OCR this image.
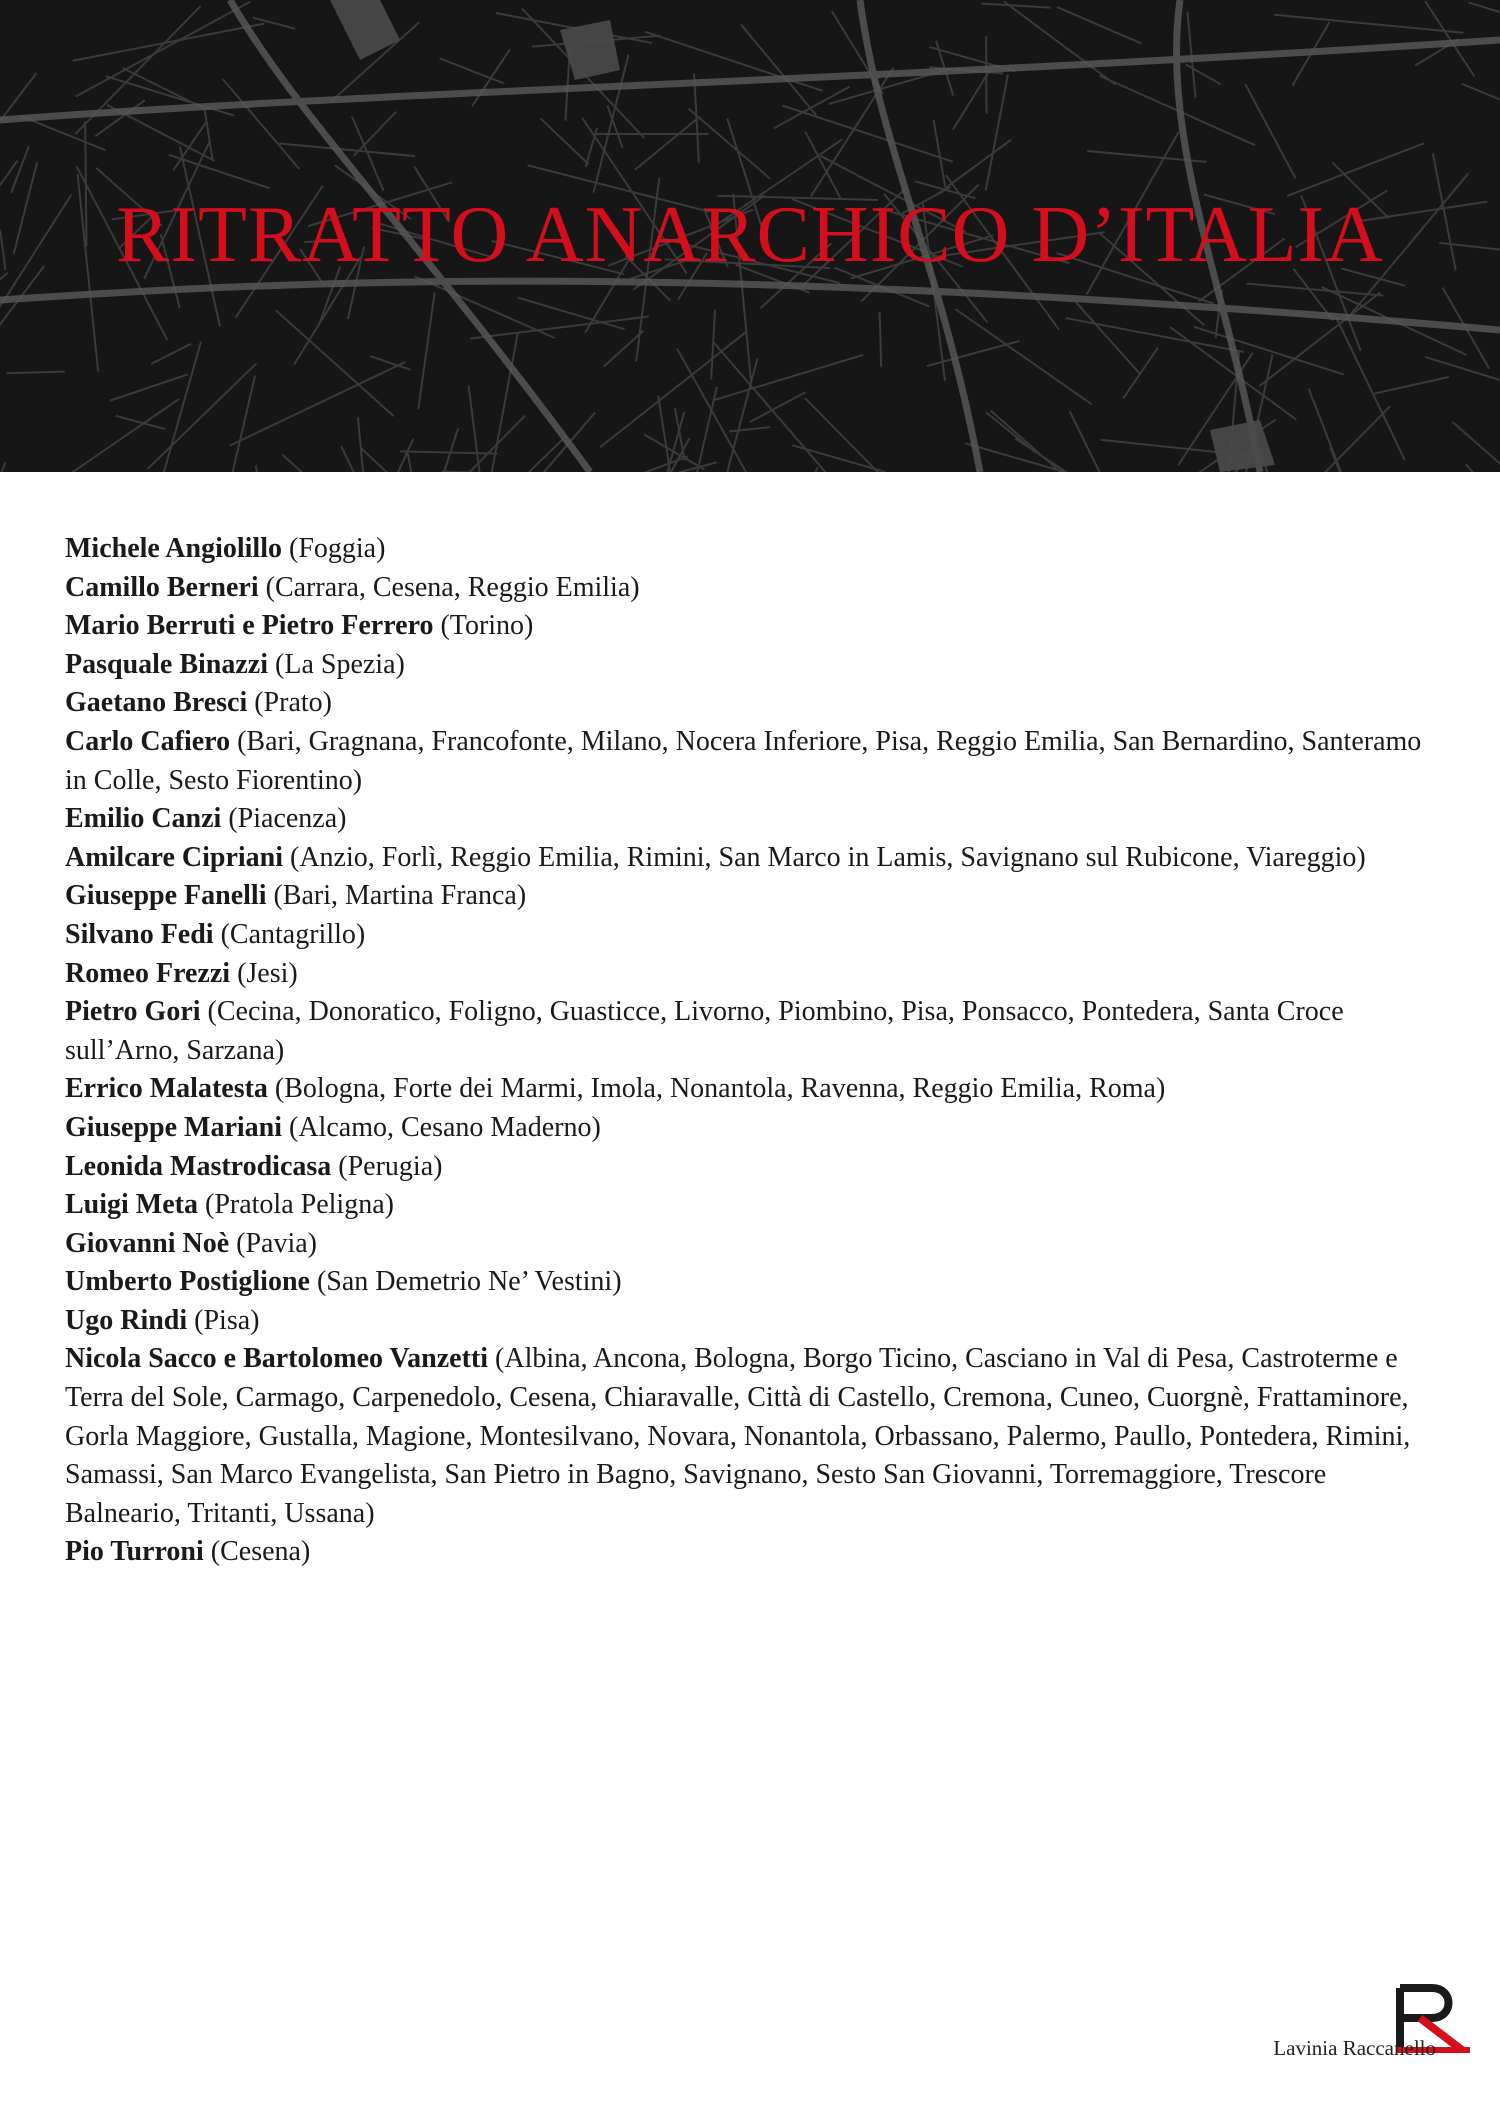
RITRATTO ANARCHICO D’ITALIA

Michele Angiolillo (Foggia)

Camillo Berneri (Carrara, Cesena, Reggio Emilia)

Mario Berruti e Pietro Ferrero (Torino)

Pasquale Binazzi (La Spezia)

Gaetano Bresci (Prato)

Carlo Cafiero (Bari, Gragnana, Francofonte, Milano, Nocera Inferiore, Pisa, Reggio Emilia, San Bernardino, Santeramo in Colle, Sesto Fiorentino)

Emilio Canzi (Piacenza)

Amilcare Cipriani (Anzio, Forlì, Reggio Emilia, Rimini, San Marco in Lamis, Savignano sul Rubicone, Viareggio)

Giuseppe Fanelli (Bari, Martina Franca)

Silvano Fedi (Cantagrillo)

Romeo Frezzi (Jesi)

Pietro Gori (Cecina, Donoratico, Foligno, Guasticce, Livorno, Piombino, Pisa, Ponsacco, Pontedera, Santa Croce sull’Arno, Sarzana)

Errico Malatesta (Bologna, Forte dei Marmi, Imola, Nonantola, Ravenna, Reggio Emilia, Roma)

Giuseppe Mariani (Alcamo, Cesano Maderno)

Leonida Mastrodicasa (Perugia)

Luigi Meta (Pratola Peligna)

Giovanni Noè (Pavia)

Umberto Postiglione (San Demetrio Ne’ Vestini)

Ugo Rindi (Pisa)

Nicola Sacco e Bartolomeo Vanzetti (Albina, Ancona, Bologna, Borgo Ticino, Casciano in Val di Pesa, Castroterme e Terra del Sole, Carmago, Carpenedolo, Cesena, Chiaravalle, Città di Castello, Cremona, Cuneo, Cuorgnè, Frattaminore, Gorla Maggiore, Gustalla, Magione, Montesilvano, Novara, Nonantola, Orbassano, Palermo, Paullo, Pontedera, Rimini, Samassi, San Marco Evangelista, San Pietro in Bagno, Savignano, Sesto San Giovanni, Torremaggiore, Trescore Balneario, Tritanti, Ussana)

Pio Turroni (Cesena)

Lavinia Raccanello
